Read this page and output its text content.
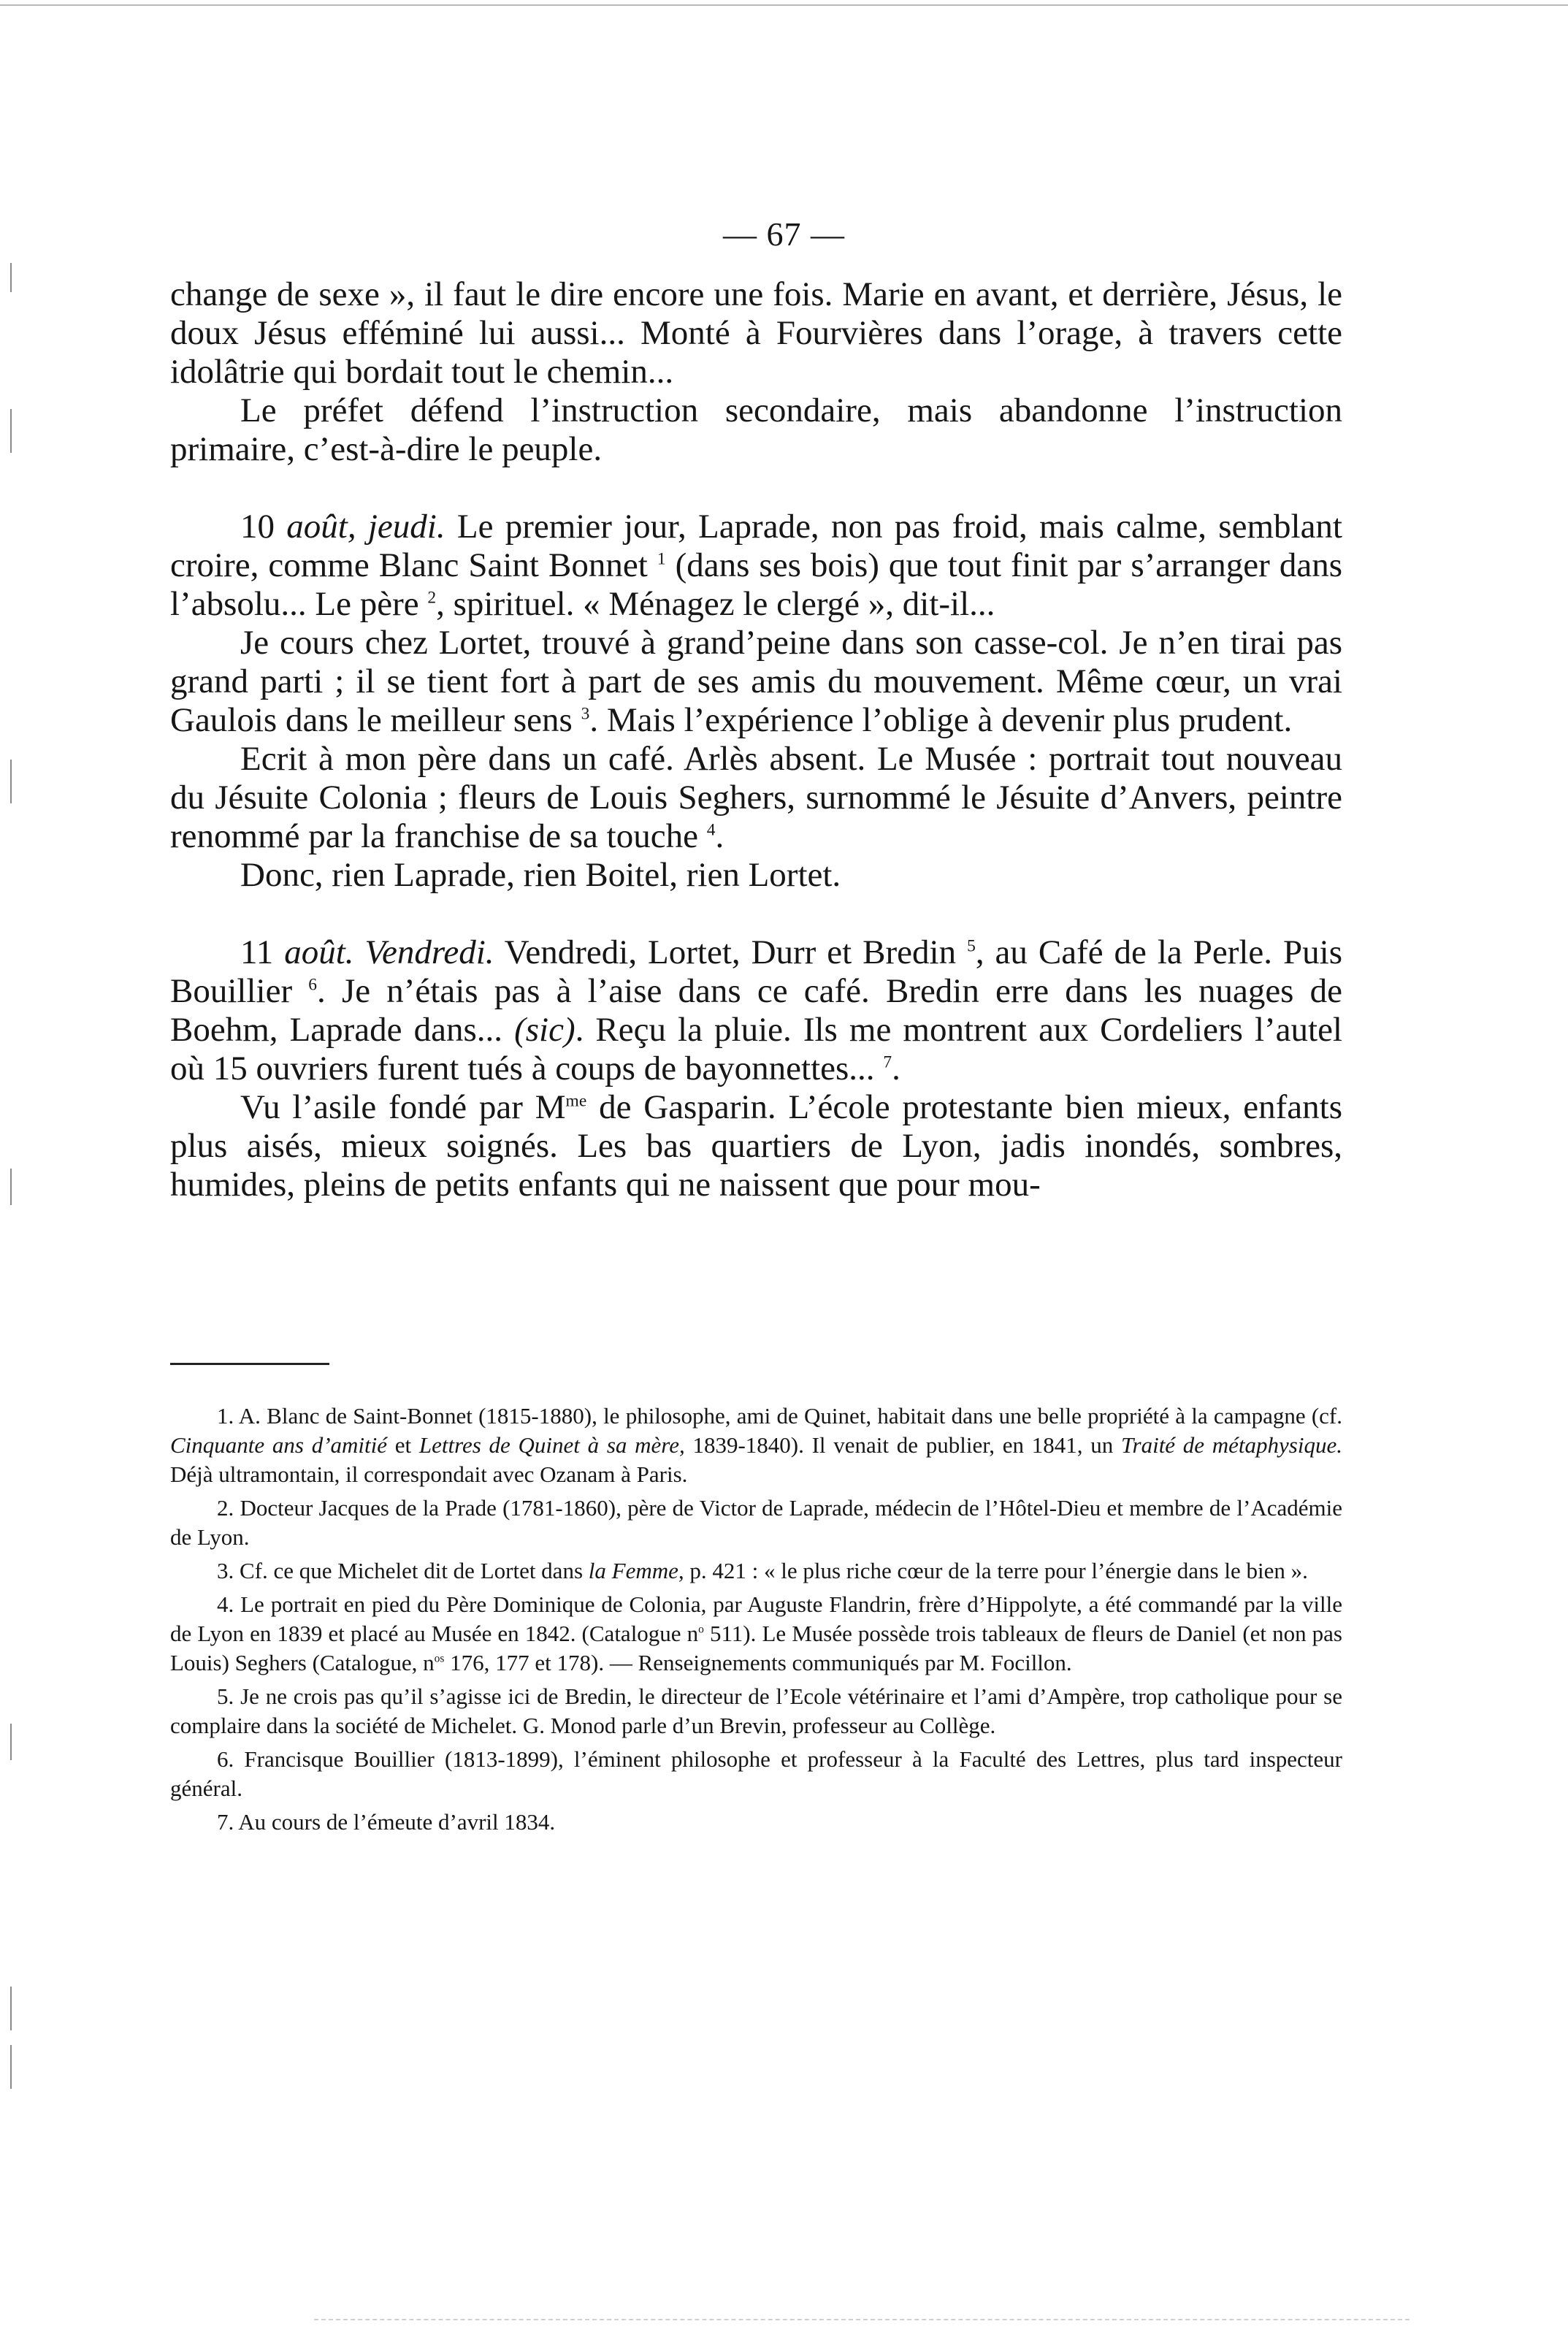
— 67 —

change de sexe », il faut le dire encore une fois. Marie en avant, et derrière, Jésus, le doux Jésus efféminé lui aussi... Monté à Fourvières dans l’orage, à travers cette idolâtrie qui bordait tout le chemin...

Le préfet défend l’instruction secondaire, mais abandonne l’instruction primaire, c’est-à-dire le peuple.

10 août, jeudi. Le premier jour, Laprade, non pas froid, mais calme, semblant croire, comme Blanc Saint Bonnet $^1$ (dans ses bois) que tout finit par s’arranger dans l’absolu... Le père $^2$, spirituel. « Ménagez le clergé », dit-il...

Je cours chez Lortet, trouvé à grand’peine dans son casse-col. Je n’en tirai pas grand parti ; il se tient fort à part de ses amis du mouvement. Même cœur, un vrai Gaulois dans le meilleur sens $^3$. Mais l’expérience l’oblige à devenir plus prudent.

Ecrit à mon père dans un café. Arlès absent. Le Musée : portrait tout nouveau du Jésuite Colonia ; fleurs de Louis Seghers, surnommé le Jésuite d’Anvers, peintre renommé par la franchise de sa touche $^4$.

Donc, rien Laprade, rien Boitel, rien Lortet.

11 août. Vendredi. Vendredi, Lortet, Durr et Bredin $^5$, au Café de la Perle. Puis Bouillier $^6$. Je n’étais pas à l’aise dans ce café. Bredin erre dans les nuages de Boehm, Laprade dans... (sic). Reçu la pluie. Ils me montrent aux Cordeliers l’autel où 15 ouvriers furent tués à coups de bayonnettes... $^7$.

Vu l’asile fondé par $M^{me}$ de Gasparin. L’école protestante bien mieux, enfants plus aisés, mieux soignés. Les bas quartiers de Lyon, jadis inondés, sombres, humides, pleins de petits enfants qui ne naissent que pour mou-

1. A. Blanc de Saint-Bonnet (1815-1880), le philosophe, ami de Quinet, habitait dans une belle propriété à la campagne (cf. Cinquante ans d’amitié et Lettres de Quinet à sa mère, 1839-1840). Il venait de publier, en 1841, un Traité de métaphysique. Déjà ultramontain, il correspondait avec Ozanam à Paris.

2. Docteur Jacques de la Prade (1781-1860), père de Victor de Laprade, médecin de l’Hôtel-Dieu et membre de l’Académie de Lyon.

3. Cf. ce que Michelet dit de Lortet dans la Femme, p. 421 : « le plus riche cœur de la terre pour l’énergie dans le bien ».

4. Le portrait en pied du Père Dominique de Colonia, par Auguste Flandrin, frère d’Hippolyte, a été commandé par la ville de Lyon en 1839 et placé au Musée en 1842. (Catalogue $n^o$ 511). Le Musée possède trois tableaux de fleurs de Daniel (et non pas Louis) Seghers (Catalogue, $n^{os}$ 176, 177 et 178). — Renseignements communiqués par M. Focillon.

5. Je ne crois pas qu’il s’agisse ici de Bredin, le directeur de l’Ecole vétérinaire et l’ami d’Ampère, trop catholique pour se complaire dans la société de Michelet. G. Monod parle d’un Brevin, professeur au Collège.

6. Francisque Bouillier (1813-1899), l’éminent philosophe et professeur à la Faculté des Lettres, plus tard inspecteur général.

7. Au cours de l’émeute d’avril 1834.
